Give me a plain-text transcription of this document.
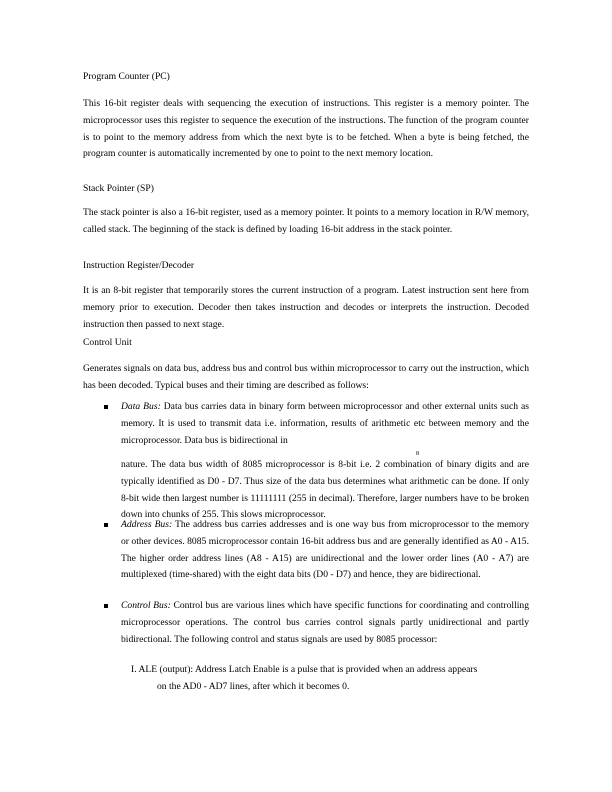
Program Counter (PC)

This 16-bit register deals with sequencing the execution of instructions. This register is a memory pointer. The microprocessor uses this register to sequence the execution of the instructions. The function of the program counter is to point to the memory address from which the next byte is to be fetched. When a byte is being fetched, the program counter is automatically incremented by one to point to the next memory location.

Stack Pointer (SP)

The stack pointer is also a 16-bit register, used as a memory pointer. It points to a memory location in R/W memory, called stack. The beginning of the stack is defined by loading 16-bit address in the stack pointer.

Instruction Register/Decoder

It is an 8-bit register that temporarily stores the current instruction of a program. Latest instruction sent here from memory prior to execution. Decoder then takes instruction and decodes or interprets the instruction. Decoded instruction then passed to next stage.

Control Unit

Generates signals on data bus, address bus and control bus within microprocessor to carry out the instruction, which has been decoded. Typical buses and their timing are described as follows:

Data Bus: Data bus carries data in binary form between microprocessor and other external units such as memory. It is used to transmit data i.e. information, results of arithmetic etc between memory and the microprocessor. Data bus is bidirectional in
8
nature. The data bus width of 8085 microprocessor is 8-bit i.e. 2 combination of binary digits and are typically identified as D0 - D7. Thus size of the data bus determines what arithmetic can be done. If only 8-bit wide then largest number is 11111111 (255 in decimal). Therefore, larger numbers have to be broken down into chunks of 255. This slows microprocessor.
Address Bus: The address bus carries addresses and is one way bus from microprocessor to the memory or other devices. 8085 microprocessor contain 16-bit address bus and are generally identified as A0 - A15. The higher order address lines (A8 - A15) are unidirectional and the lower order lines (A0 - A7) are multiplexed (time-shared) with the eight data bits (D0 - D7) and hence, they are bidirectional.
Control Bus: Control bus are various lines which have specific functions for coordinating and controlling microprocessor operations. The control bus carries control signals partly unidirectional and partly bidirectional. The following control and status signals are used by 8085 processor:
I. ALE (output): Address Latch Enable is a pulse that is provided when an address appears
on the AD0 - AD7 lines, after which it becomes 0.
